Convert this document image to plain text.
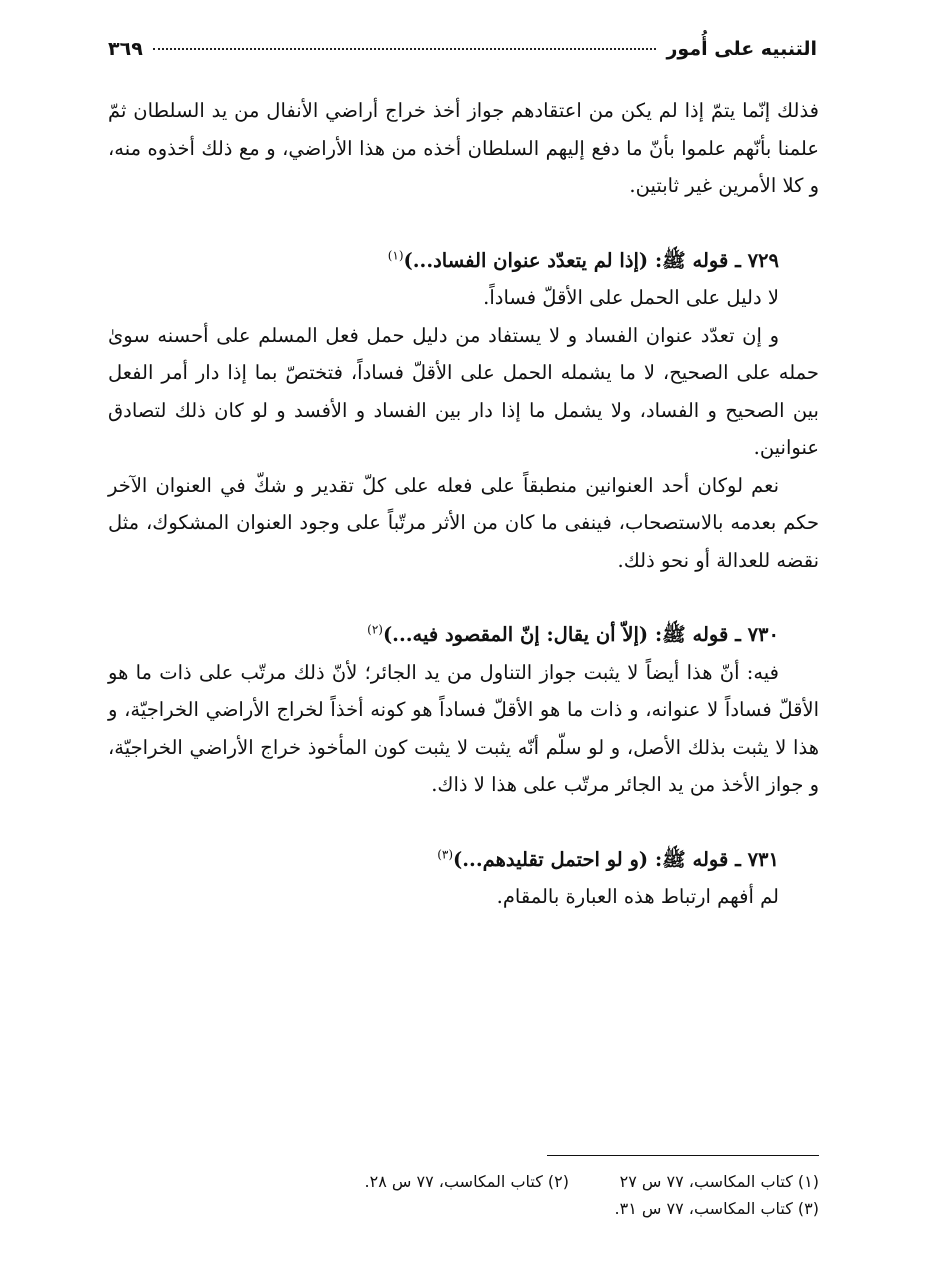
التنبيه على أُمور
٣٦٩

فذلك إنّما يتمّ إذا لم يكن من اعتقادهم جواز أخذ خراج أراضي الأنفال من يد السلطان ثمّ علمنا بأنّهم علموا بأنّ ما دفع إليهم السلطان أخذه من هذا الأراضي، و مع ذلك أخذوه منه، و كلا الأمرين غير ثابتين.

٧٢٩ ـ قوله ﷺ: (إذا لم يتعدّد عنوان الفساد...)$^{(١)}$

لا دليل على الحمل على الأقلّ فساداً.

و إن تعدّد عنوان الفساد و لا يستفاد من دليل حمل فعل المسلم على أحسنه سوىٰ حمله على الصحيح، لا ما يشمله الحمل على الأقلّ فساداً، فتختصّ بما إذا دار أمر الفعل بين الصحيح و الفساد، ولا يشمل ما إذا دار بين الفساد و الأفسد و لو كان ذلك لتصادق عنوانين.

نعم لوكان أحد العنوانين منطبقاً على فعله على كلّ تقدير و شكّ في العنوان الآخر حكم بعدمه بالاستصحاب، فينفى ما كان من الأثر مرتّباً على وجود العنوان المشكوك، مثل نقضه للعدالة أو نحو ذلك.

٧٣٠ ـ قوله ﷺ: (إلاّ أن يقال: إنّ المقصود فيه...)$^{(٢)}$

فيه: أنّ هذا أيضاً لا يثبت جواز التناول من يد الجائر؛ لأنّ ذلك مرتّب على ذات ما هو الأقلّ فساداً لا عنوانه، و ذات ما هو الأقلّ فساداً هو كونه أخذاً لخراج الأراضي الخراجيّة، و هذا لا يثبت بذلك الأصل، و لو سلّم أنّه يثبت لا يثبت كون المأخوذ خراج الأراضي الخراجيّة، و جواز الأخذ من يد الجائر مرتّب على هذا لا ذاك.

٧٣١ ـ قوله ﷺ: (و لو احتمل تقليدهم...)$^{(٣)}$

لم أفهم ارتباط هذه العبارة بالمقام.

(١) كتاب المكاسب، ٧٧ س ٢٧
(٢) كتاب المكاسب، ٧٧ س ٢٨.
(٣) كتاب المكاسب، ٧٧ س ٣١.
